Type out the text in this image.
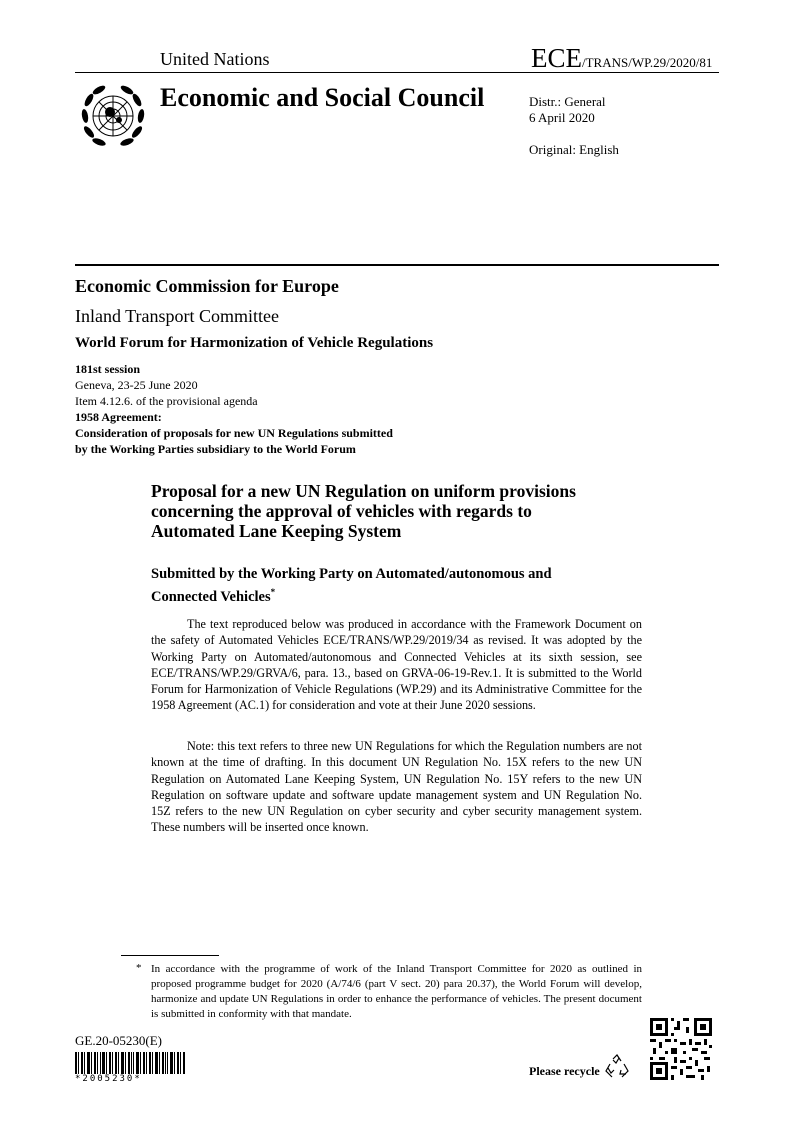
United Nations	ECE/TRANS/WP.29/2020/81
Economic and Social Council	Distr.: General
6 April 2020
Original: English
Economic Commission for Europe
Inland Transport Committee
World Forum for Harmonization of Vehicle Regulations
181st session
Geneva, 23-25 June 2020
Item 4.12.6. of the provisional agenda
1958 Agreement:
Consideration of proposals for new UN Regulations submitted
by the Working Parties subsidiary to the World Forum
Proposal for a new UN Regulation on uniform provisions
concerning the approval of vehicles with regards to
Automated Lane Keeping System
Submitted by the Working Party on Automated/autonomous and
Connected Vehicles*
The text reproduced below was produced in accordance with the Framework Document on the safety of Automated Vehicles ECE/TRANS/WP.29/2019/34 as revised. It was adopted by the Working Party on Automated/autonomous and Connected Vehicles at its sixth session, see ECE/TRANS/WP.29/GRVA/6, para. 13., based on GRVA-06-19-Rev.1. It is submitted to the World Forum for Harmonization of Vehicle Regulations (WP.29) and its Administrative Committee for the 1958 Agreement (AC.1) for consideration and vote at their June 2020 sessions.
Note: this text refers to three new UN Regulations for which the Regulation numbers are not known at the time of drafting. In this document UN Regulation No. 15X refers to the new UN Regulation on Automated Lane Keeping System, UN Regulation No. 15Y refers to the new UN Regulation on software update and software update management system and UN Regulation No. 15Z refers to the new UN Regulation on cyber security and cyber security management system. These numbers will be inserted once known.
* In accordance with the programme of work of the Inland Transport Committee for 2020 as outlined in proposed programme budget for 2020 (A/74/6 (part V sect. 20) para 20.37), the World Forum will develop, harmonize and update UN Regulations in order to enhance the performance of vehicles. The present document is submitted in conformity with that mandate.
GE.20-05230(E)
*2005230*
Please recycle
